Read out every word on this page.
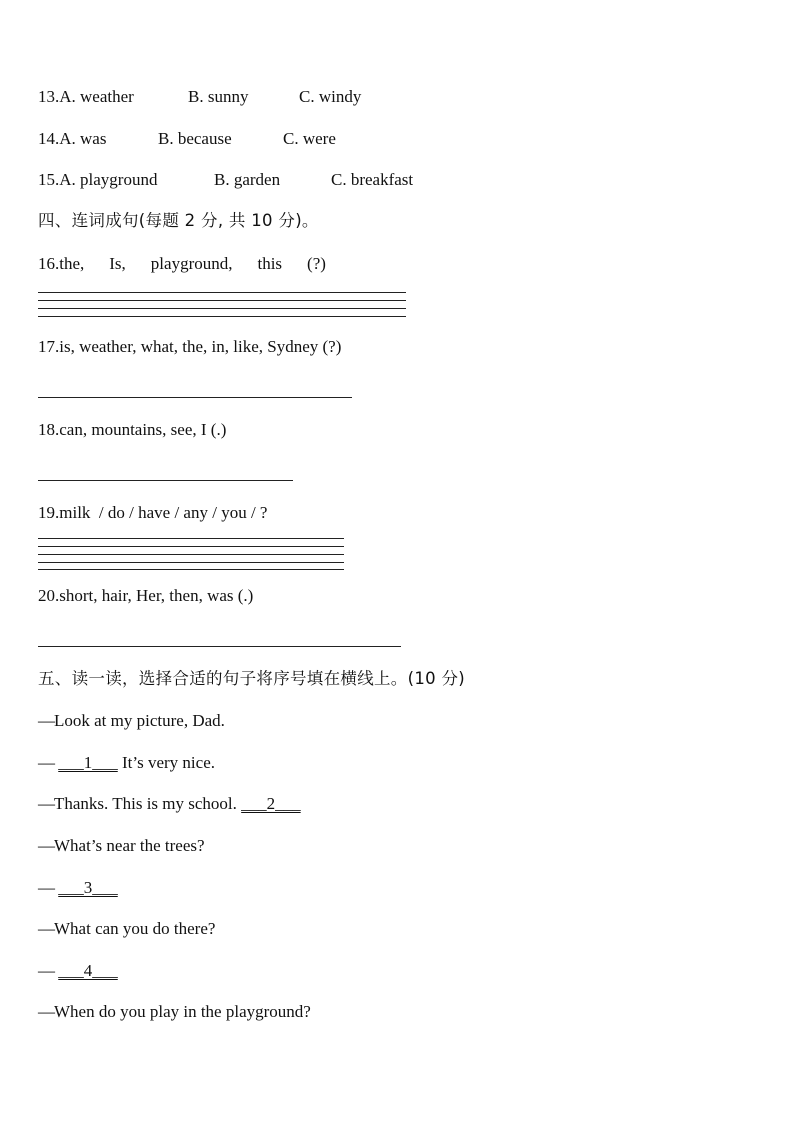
13.A. weather	B. sunny	C. windy
14.A. was	B. because	C. were
15.A. playground	B. garden	C. breakfast
四、连词成句(每题 2 分, 共 10 分)。
16.the,    Is,    playground,    this    (?)
17.is, weather, what, the, in, like, Sydney (?)
18.can, mountains, see, I (.)
19.milk  / do / have / any / you / ?
20.short, hair, Her, then, was (.)
五、读一读，选择合适的句子将序号填在横线上。(10 分)
—Look at my picture, Dad.
— ___1___ It’s very nice.
—Thanks. This is my school. ___2___
—What’s near the trees?
— ___3___
—What can you do there?
— ___4___
—When do you play in the playground?
